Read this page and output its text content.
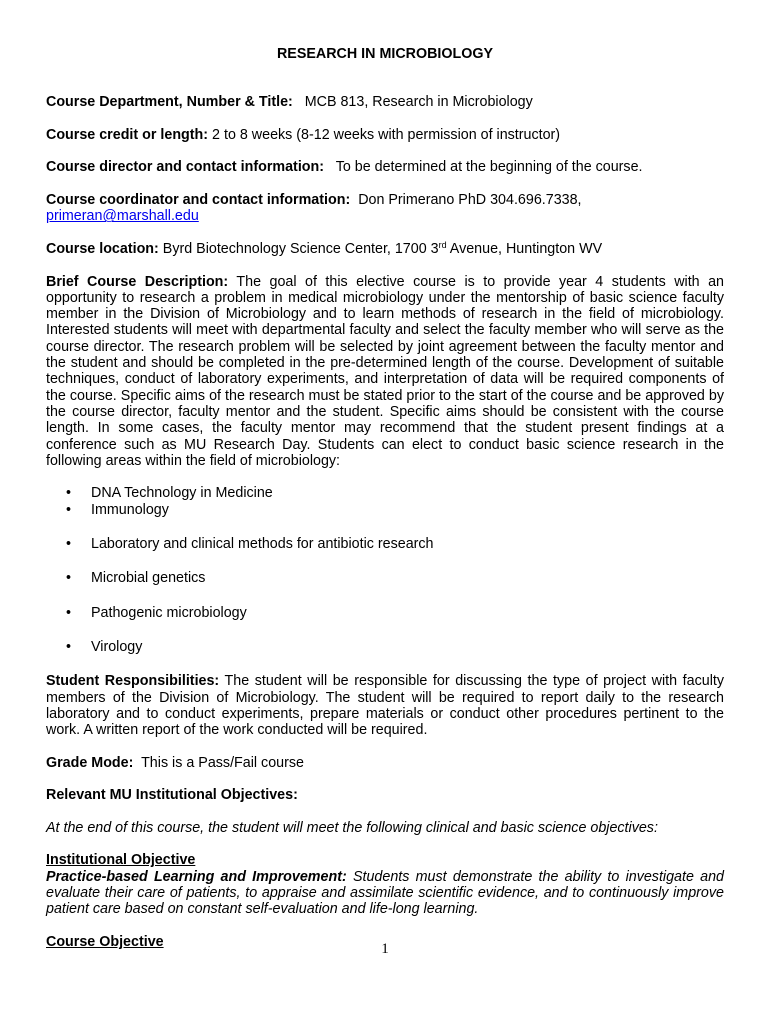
RESEARCH IN MICROBIOLOGY

Course Department, Number & Title: MCB 813, Research in Microbiology

Course credit or length: 2 to 8 weeks (8-12 weeks with permission of instructor)

Course director and contact information: To be determined at the beginning of the course.

Course coordinator and contact information: Don Primerano PhD 304.696.7338, primeran@marshall.edu

Course location: Byrd Biotechnology Science Center, 1700 3rd Avenue, Huntington WV

Brief Course Description: The goal of this elective course is to provide year 4 students with an opportunity to research a problem in medical microbiology under the mentorship of basic science faculty member in the Division of Microbiology and to learn methods of research in the field of microbiology. Interested students will meet with departmental faculty and select the faculty member who will serve as the course director. The research problem will be selected by joint agreement between the faculty mentor and the student and should be completed in the pre-determined length of the course. Development of suitable techniques, conduct of laboratory experiments, and interpretation of data will be required components of the course. Specific aims of the research must be stated prior to the start of the course and be approved by the course director, faculty mentor and the student. Specific aims should be consistent with the course length. In some cases, the faculty mentor may recommend that the student present findings at a conference such as MU Research Day. Students can elect to conduct basic science research in the following areas within the field of microbiology:

• DNA Technology in Medicine
• Immunology
• Laboratory and clinical methods for antibiotic research
• Microbial genetics
• Pathogenic microbiology
• Virology

Student Responsibilities: The student will be responsible for discussing the type of project with faculty members of the Division of Microbiology. The student will be required to report daily to the research laboratory and to conduct experiments, prepare materials or conduct other procedures pertinent to the work. A written report of the work conducted will be required.

Grade Mode: This is a Pass/Fail course

Relevant MU Institutional Objectives:

At the end of this course, the student will meet the following clinical and basic science objectives:

Institutional Objective

Practice-based Learning and Improvement: Students must demonstrate the ability to investigate and evaluate their care of patients, to appraise and assimilate scientific evidence, and to continuously improve patient care based on constant self-evaluation and life-long learning.

Course Objective	1
